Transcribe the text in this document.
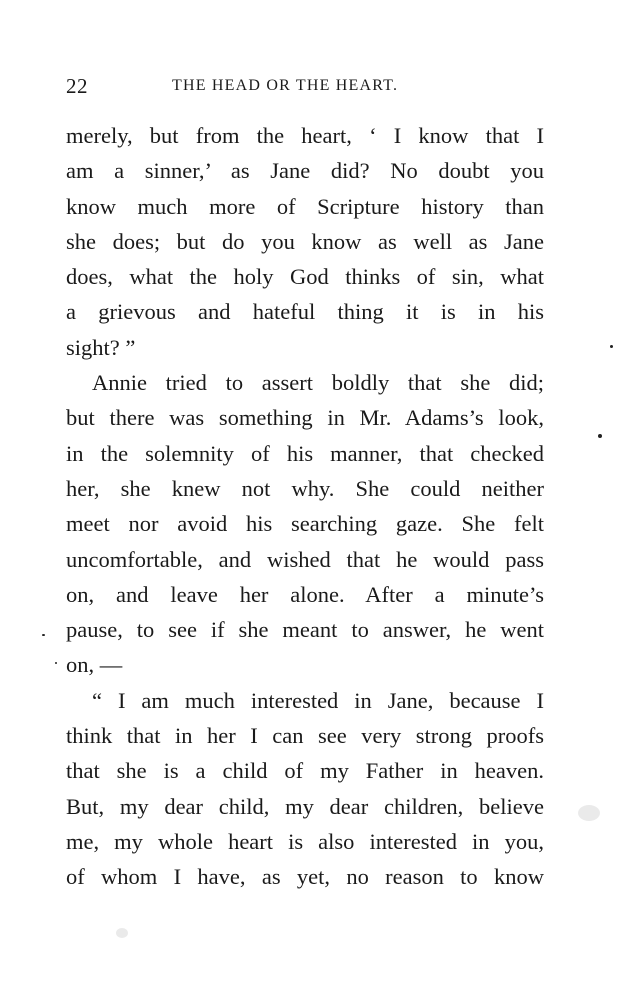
22	THE HEAD OR THE HEART.
merely, but from the heart, ‘ I know that I
am a sinner,’ as Jane did? No doubt you
know much more of Scripture history than
she does; but do you know as well as Jane
does, what the holy God thinks of sin, what
a grievous and hateful thing it is in his
sight? ”
Annie tried to assert boldly that she did;
but there was something in Mr. Adams’s look,
in the solemnity of his manner, that checked
her, she knew not why. She could neither
meet nor avoid his searching gaze. She felt
uncomfortable, and wished that he would pass
on, and leave her alone. After a minute’s
pause, to see if she meant to answer, he went
on, —
“ I am much interested in Jane, because I
think that in her I can see very strong proofs
that she is a child of my Father in heaven.
But, my dear child, my dear children, believe
me, my whole heart is also interested in you,
of whom I have, as yet, no reason to know
